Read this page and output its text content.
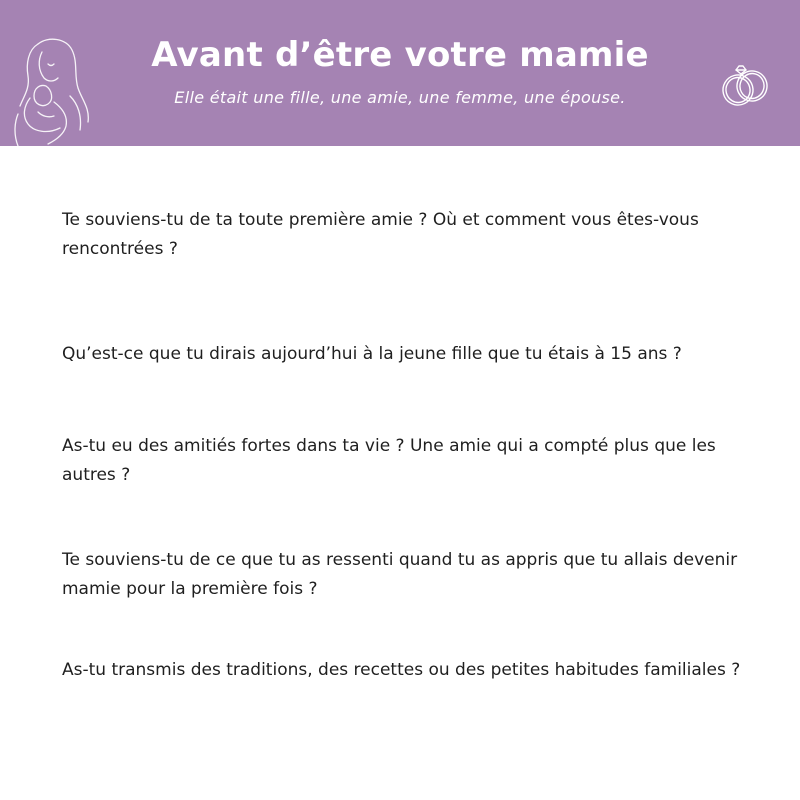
Avant d’être votre mamie

Elle était une fille, une amie, une femme, une épouse.

Te souviens-tu de ta toute première amie ? Où et comment vous êtes-vous rencontrées ?

Qu’est-ce que tu dirais aujourd’hui à la jeune fille que tu étais à 15 ans ?

As-tu eu des amitiés fortes dans ta vie ? Une amie qui a compté plus que les autres ?

Te souviens-tu de ce que tu as ressenti quand tu as appris que tu allais devenir mamie pour la première fois ?

As-tu transmis des traditions, des recettes ou des petites habitudes familiales ?
